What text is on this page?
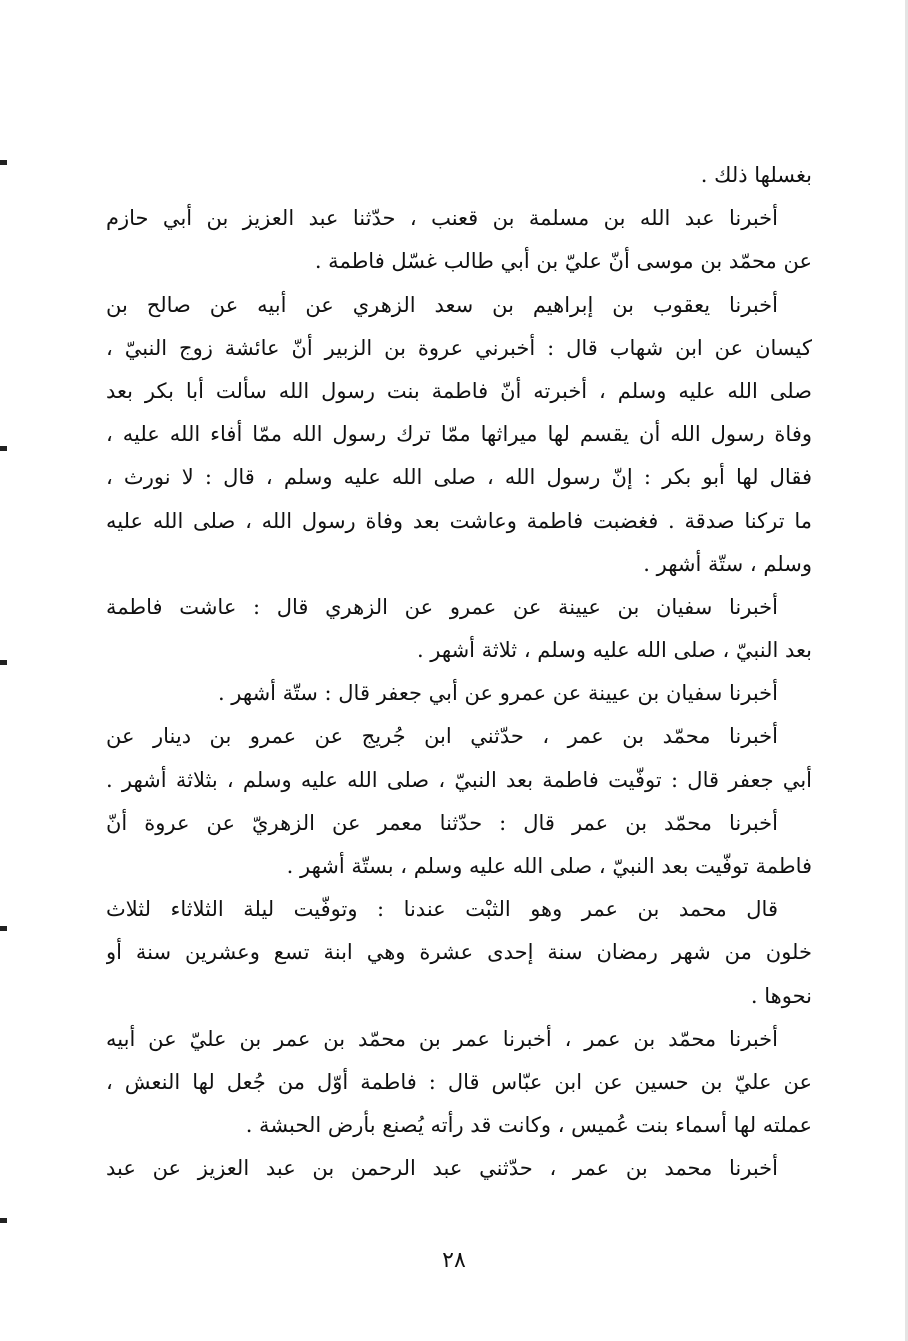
بغسلها ذلك .
أخبرنا عبد الله بن مسلمة بن قعنب ، حدّثنا عبد العزيز بن أبي حازم
عن محمّد بن موسى أنّ عليّ بن أبي طالب غسّل فاطمة .
أخبرنا يعقوب بن إبراهيم بن سعد الزهري عن أبيه عن صالح بن
كيسان عن ابن شهاب قال : أخبرني عروة بن الزبير أنّ عائشة زوج النبيّ ،
صلى الله عليه وسلم ، أخبرته أنّ فاطمة بنت رسول الله سألت أبا بكر بعد
وفاة رسول الله أن يقسم لها ميراثها ممّا ترك رسول الله ممّا أفاء الله عليه ،
فقال لها أبو بكر : إنّ رسول الله ، صلى الله عليه وسلم ، قال : لا نورث ،
ما تركنا صدقة . فغضبت فاطمة وعاشت بعد وفاة رسول الله ، صلى الله عليه
وسلم ، ستّة أشهر .
أخبرنا سفيان بن عيينة عن عمرو عن الزهري قال : عاشت فاطمة
بعد النبيّ ، صلى الله عليه وسلم ، ثلاثة أشهر .
أخبرنا سفيان بن عيينة عن عمرو عن أبي جعفر قال : ستّة أشهر .
أخبرنا محمّد بن عمر ، حدّثني ابن جُريج عن عمرو بن دينار عن
أبي جعفر قال : توفّيت فاطمة بعد النبيّ ، صلى الله عليه وسلم ، بثلاثة أشهر .
أخبرنا محمّد بن عمر قال : حدّثنا معمر عن الزهريّ عن عروة أنّ
فاطمة توفّيت بعد النبيّ ، صلى الله عليه وسلم ، بستّة أشهر .
قال محمد بن عمر وهو الثبْت عندنا : وتوفّيت ليلة الثلاثاء لثلاث
خلون من شهر رمضان سنة إحدى عشرة وهي ابنة تسع وعشرين سنة أو
نحوها .
أخبرنا محمّد بن عمر ، أخبرنا عمر بن محمّد بن عمر بن عليّ عن أبيه
عن عليّ بن حسين عن ابن عبّاس قال : فاطمة أوّل من جُعل لها النعش ،
عملته لها أسماء بنت عُميس ، وكانت قد رأته يُصنع بأرض الحبشة .
أخبرنا محمد بن عمر ، حدّثني عبد الرحمن بن عبد العزيز عن عبد
٢٨
